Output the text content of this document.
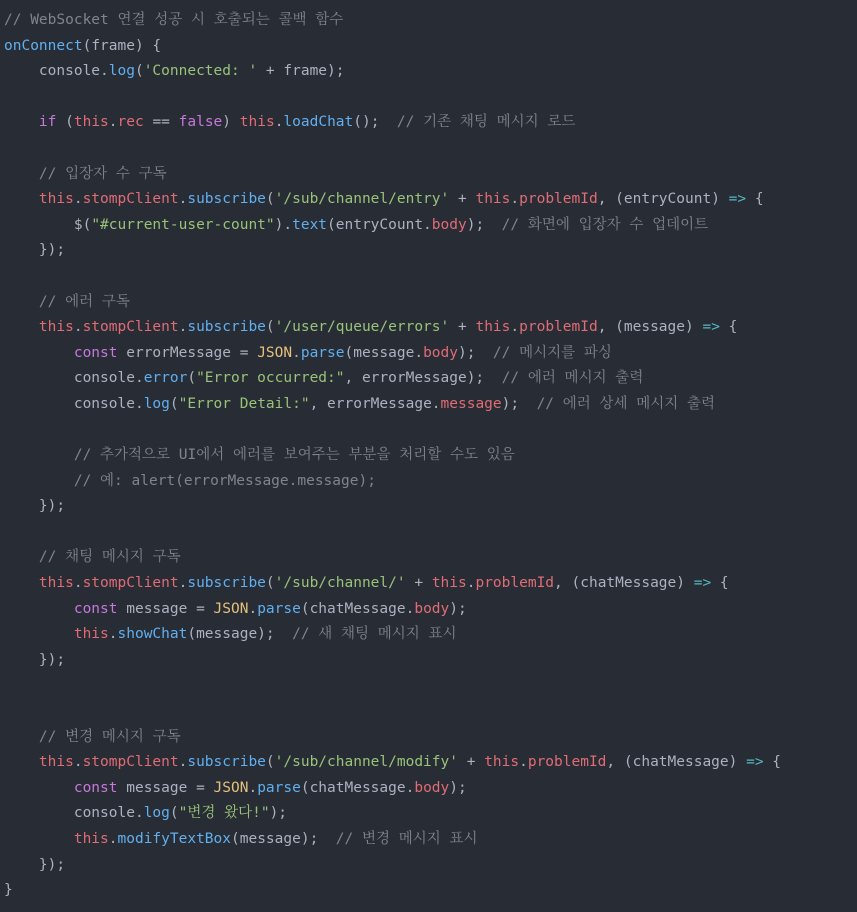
// WebSocket 연결 성공 시 호출되는 콜백 함수
onConnect(frame) {
console.log('Connected: ' + frame);

if (this.rec == false) this.loadChat();  // 기존 채팅 메시지 로드

// 입장자 수 구독
this.stompClient.subscribe('/sub/channel/entry' + this.problemId, (entryCount) => {
$("#current-user-count").text(entryCount.body);  // 화면에 입장자 수 업데이트
});

// 에러 구독
this.stompClient.subscribe('/user/queue/errors' + this.problemId, (message) => {
const errorMessage = JSON.parse(message.body);  // 메시지를 파싱
console.error("Error occurred:", errorMessage);  // 에러 메시지 출력
console.log("Error Detail:", errorMessage.message);  // 에러 상세 메시지 출력

// 추가적으로 UI에서 에러를 보여주는 부분을 처리할 수도 있음
// 예: alert(errorMessage.message);
});

// 채팅 메시지 구독
this.stompClient.subscribe('/sub/channel/' + this.problemId, (chatMessage) => {
const message = JSON.parse(chatMessage.body);
this.showChat(message);  // 새 채팅 메시지 표시
});

// 변경 메시지 구독
this.stompClient.subscribe('/sub/channel/modify' + this.problemId, (chatMessage) => {
const message = JSON.parse(chatMessage.body);
console.log("변경 왔다!");
this.modifyTextBox(message);  // 변경 메시지 표시
});
}
